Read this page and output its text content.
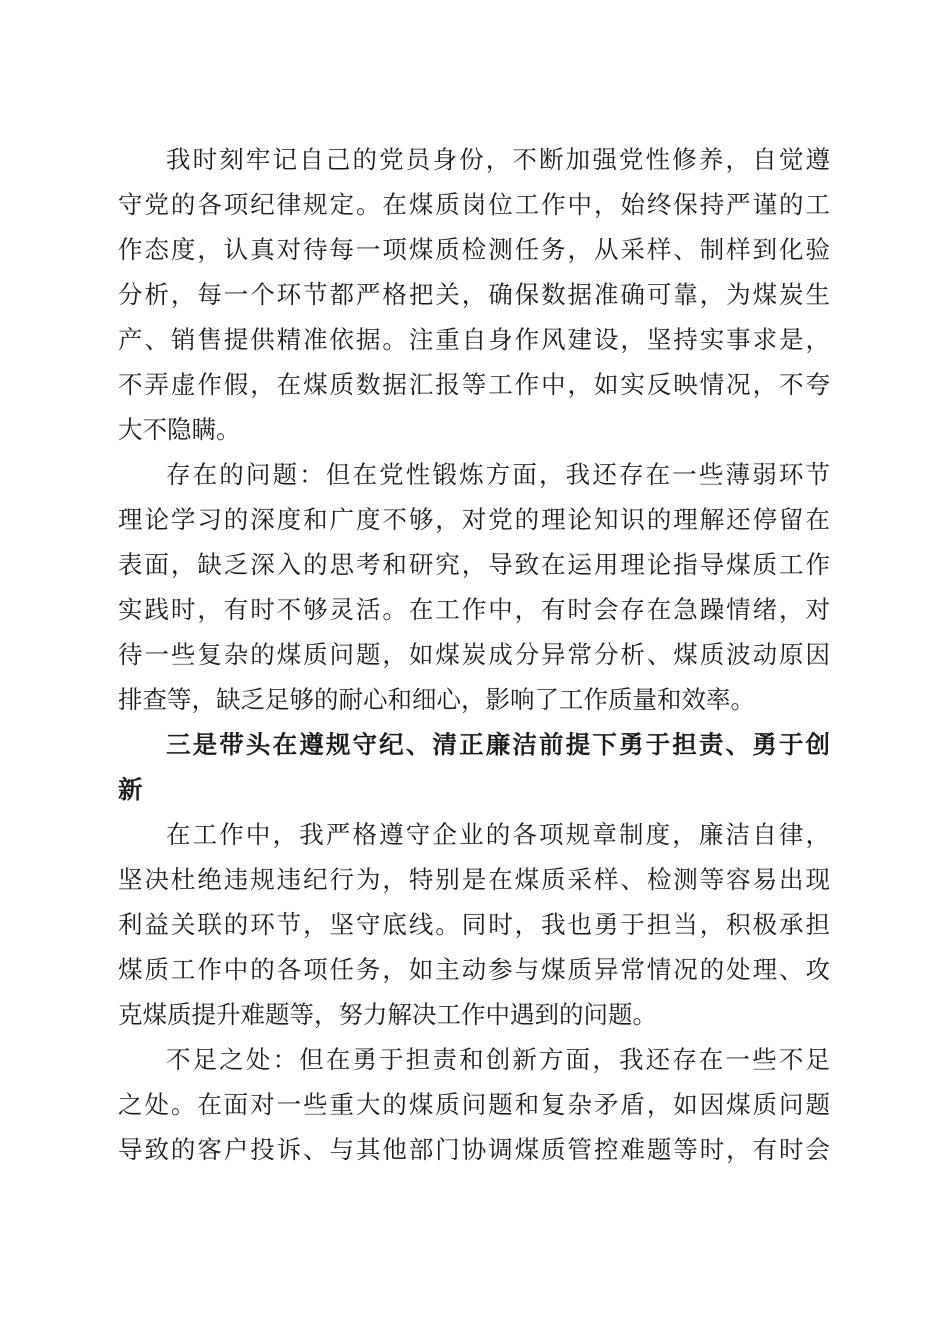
我时刻牢记自己的党员身份，不断加强党性修养，自觉遵
守党的各项纪律规定。在煤质岗位工作中，始终保持严谨的工
作态度，认真对待每一项煤质检测任务，从采样、制样到化验
分析，每一个环节都严格把关，确保数据准确可靠，为煤炭生
产、销售提供精准依据。注重自身作风建设，坚持实事求是，
不弄虚作假，在煤质数据汇报等工作中，如实反映情况，不夸
大不隐瞒。
存在的问题：但在党性锻炼方面，我还存在一些薄弱环节
理论学习的深度和广度不够，对党的理论知识的理解还停留在
表面，缺乏深入的思考和研究，导致在运用理论指导煤质工作
实践时，有时不够灵活。在工作中，有时会存在急躁情绪，对
待一些复杂的煤质问题，如煤炭成分异常分析、煤质波动原因
排查等，缺乏足够的耐心和细心，影响了工作质量和效率。
三是带头在遵规守纪、清正廉洁前提下勇于担责、勇于创
新
在工作中，我严格遵守企业的各项规章制度，廉洁自律，
坚决杜绝违规违纪行为，特别是在煤质采样、检测等容易出现
利益关联的环节，坚守底线。同时，我也勇于担当，积极承担
煤质工作中的各项任务，如主动参与煤质异常情况的处理、攻
克煤质提升难题等，努力解决工作中遇到的问题。
不足之处：但在勇于担责和创新方面，我还存在一些不足
之处。在面对一些重大的煤质问题和复杂矛盾，如因煤质问题
导致的客户投诉、与其他部门协调煤质管控难题等时，有时会
